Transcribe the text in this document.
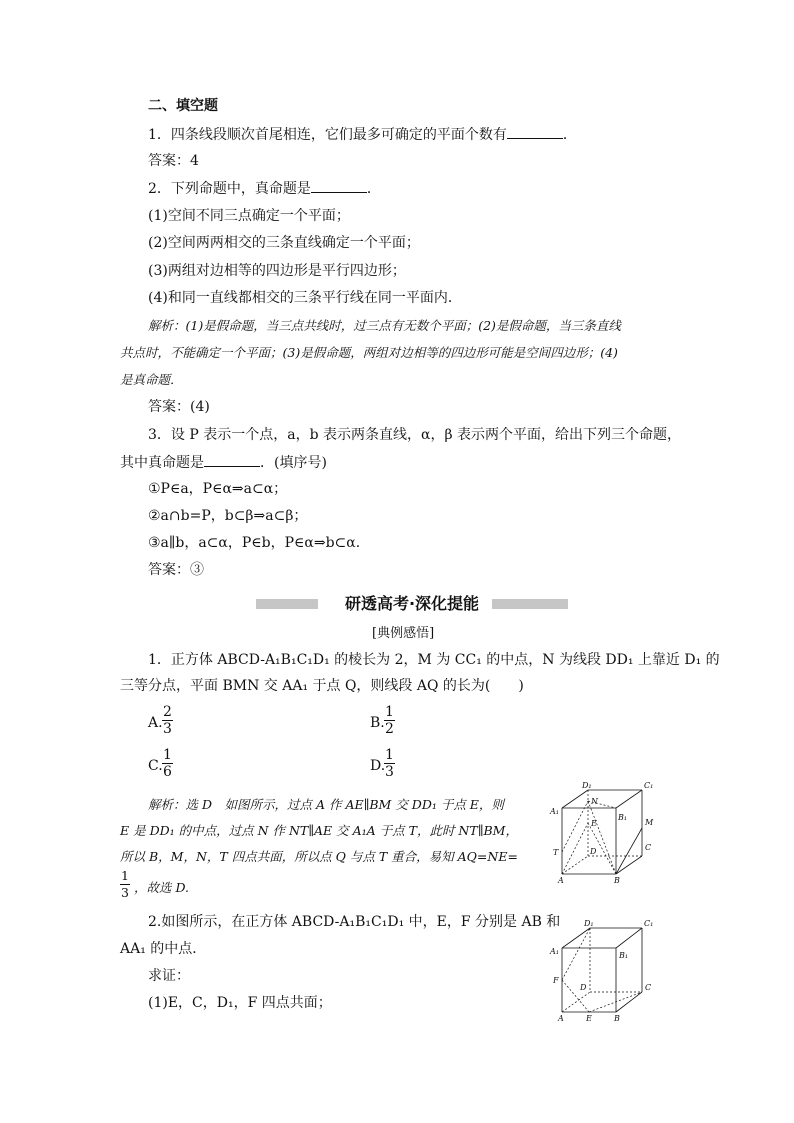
二、填空题
1．四条线段顺次首尾相连，它们最多可确定的平面个数有	．
答案：4
2．下列命题中，真命题是	．
(1)空间不同三点确定一个平面；
(2)空间两两相交的三条直线确定一个平面；
(3)两组对边相等的四边形是平行四边形；
(4)和同一直线都相交的三条平行线在同一平面内．
解析：(1)是假命题，当三点共线时，过三点有无数个平面；(2)是假命题，当三条直线
共点时，不能确定一个平面；(3)是假命题，两组对边相等的四边形可能是空间四边形；(4)
是真命题．
答案：(4)
3．设 P 表示一个点，a，b 表示两条直线，α，β 表示两个平面，给出下列三个命题，
其中真命题是	．(填序号)
①P∈a，P∈α⇒a⊂α；
②a∩b=P，b⊂β⇒a⊂β；
③a∥b，a⊂α，P∈b，P∈α⇒b⊂α.
答案：③
研透高考·深化提能
[典例感悟]
1．正方体 ABCD-A₁B₁C₁D₁ 的棱长为 2，M 为 CC₁ 的中点，N 为线段 DD₁ 上靠近 D₁ 的
三等分点，平面 BMN 交 AA₁ 于点 Q，则线段 AQ 的长为(　　)
A. $\frac{2}{3}$	B. $\frac{1}{2}$
C. $\frac{1}{6}$	D.
$\frac{1}{3}$
解析：选 D　如图所示，过点 A 作 AE∥BM 交 DD₁ 于点 E，则
E 是 DD₁ 的中点，过点 N 作 NT∥AE 交 A₁A 于点 T，此时 NT∥BM，
所以 B，M，N，T 四点共面，所以点 Q 与点 T 重合，易知 AQ=NE=
$\frac{1}{3}$ ，故选 D.
D₁	C₁
N
A₁
E
B₁
M
T	D	C
A	B
2.如图所示，在正方体 ABCD-A₁B₁C₁D₁ 中，E，F 分别是 AB 和
AA₁ 的中点．
求证：
(1)E，C，D₁，F 四点共面；
D₁	C₁
A₁	B₁
F
D	C
A	E	B
